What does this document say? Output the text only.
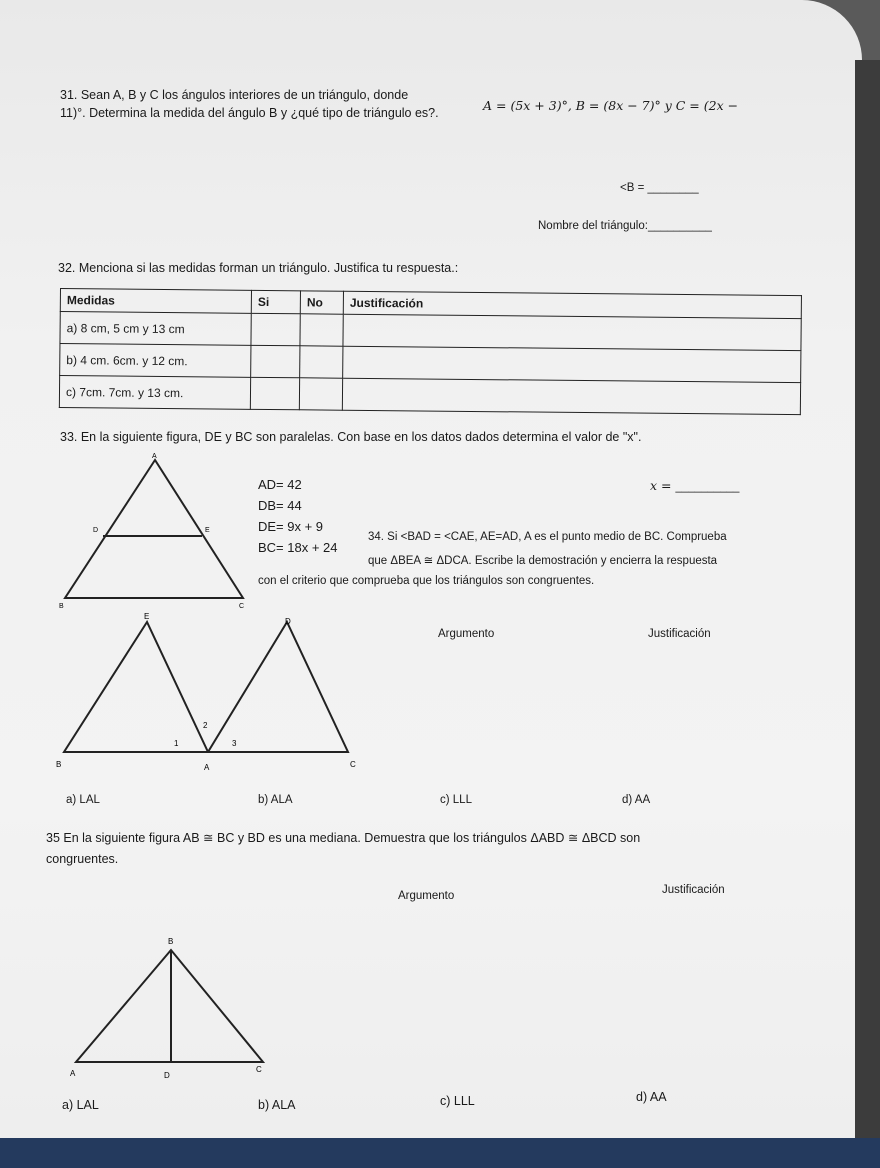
31. Sean A, B y C los ángulos interiores de un triángulo, donde
A = (5x + 3)°, B = (8x − 7)° y C = (2x −
11)°. Determina la medida del ángulo B y ¿qué tipo de triángulo es?.
<B = ________
Nombre del triángulo:__________
32. Menciona si las medidas forman un triángulo. Justifica tu respuesta.:
Medidas	Si	No	Justificación
a) 8 cm, 5 cm y 13 cm			
b) 4 cm. 6cm. y 12 cm.			
c) 7cm. 7cm. y 13 cm.			
33. En la siguiente figura, DE y BC son paralelas. Con base en los datos dados determina el valor de "x".
A
D	E
B	C
AD= 42
DB= 44
DE= 9x + 9
BC= 18x + 24
x = __________
34. Si <BAD = <CAE, AE=AD, A es el punto medio de BC. Comprueba
que ΔBEA ≅ ΔDCA. Escribe la demostración y encierra la respuesta
con el criterio que comprueba que los triángulos son congruentes.
Argumento	Justificación
E
D
B	A	C
1
2
3
a) LAL	b) ALA	c) LLL	d) AA
35 En la siguiente figura AB ≅ BC y BD es una mediana. Demuestra que los triángulos ΔABD ≅ ΔBCD son
congruentes.
Argumento	Justificación
B
A	D
C
a) LAL	b) ALA	c) LLL	d) AA
